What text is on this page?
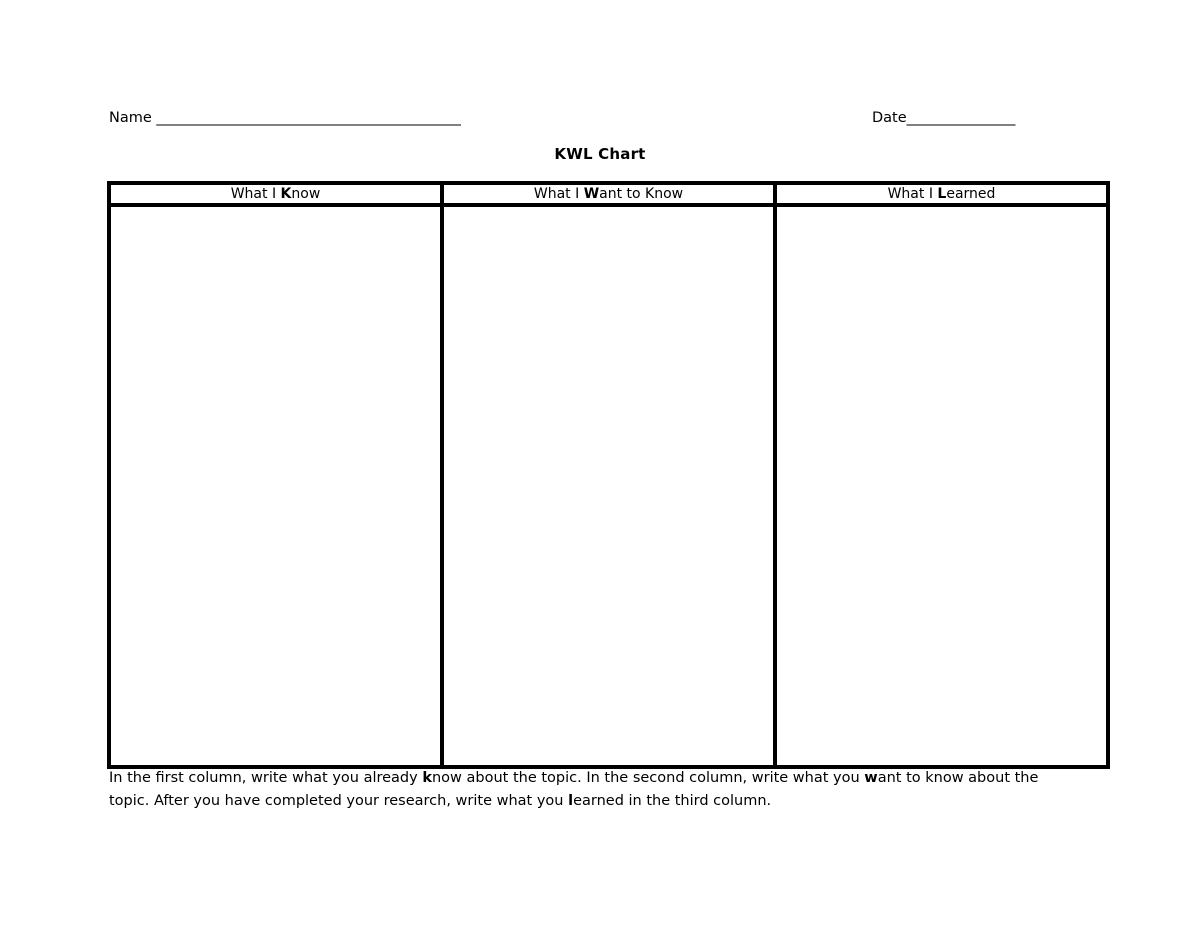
Name __________________________________________	Date_______________
KWL Chart
What I Know	What I Want to Know	What I Learned

In the first column, write what you already know about the topic. In the second column, write what you want to know about the topic. After you have completed your research, write what you learned in the third column.
